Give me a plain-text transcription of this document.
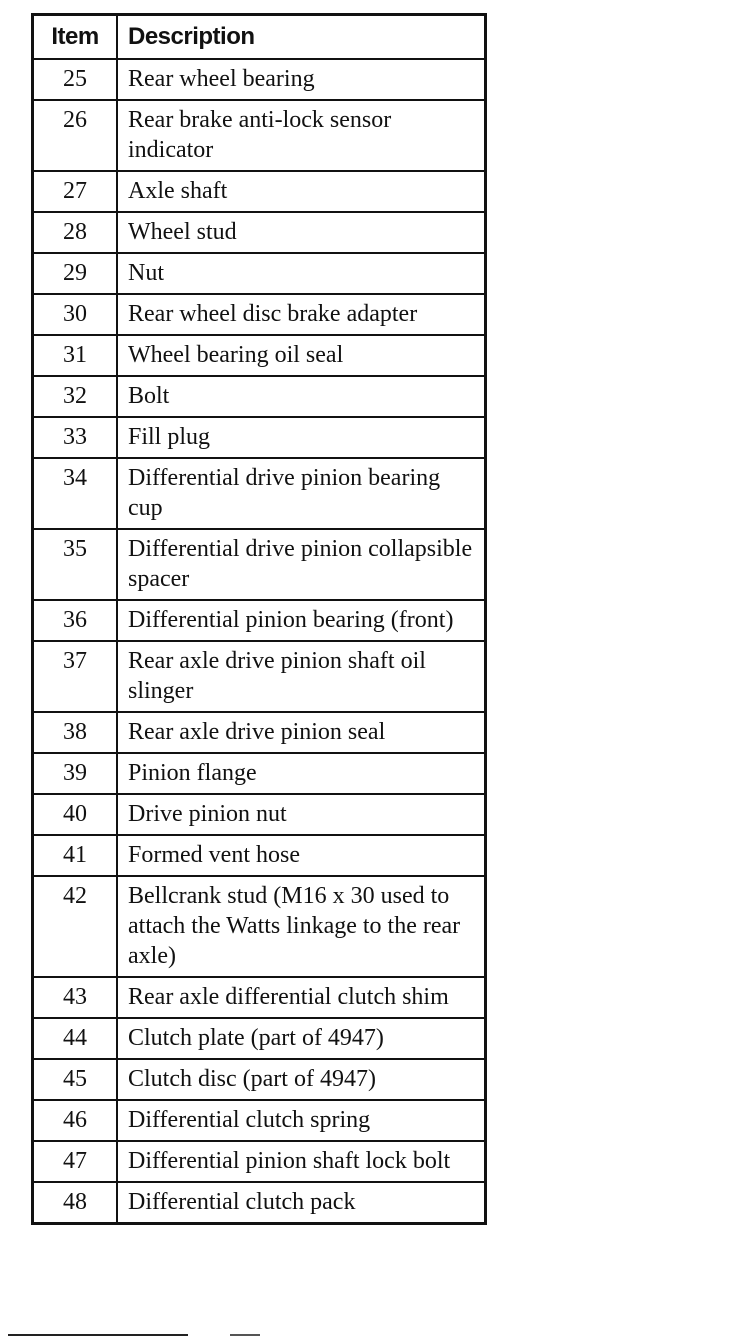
Item	Description
25	Rear wheel bearing
26	Rear brake anti-lock sensor indicator
27	Axle shaft
28	Wheel stud
29	Nut
30	Rear wheel disc brake adapter
31	Wheel bearing oil seal
32	Bolt
33	Fill plug
34	Differential drive pinion bearing cup
35	Differential drive pinion collapsible spacer
36	Differential pinion bearing (front)
37	Rear axle drive pinion shaft oil slinger
38	Rear axle drive pinion seal
39	Pinion flange
40	Drive pinion nut
41	Formed vent hose
42	Bellcrank stud (M16 x 30 used to attach the Watts linkage to the rear axle)
43	Rear axle differential clutch shim
44	Clutch plate (part of 4947)
45	Clutch disc (part of 4947)
46	Differential clutch spring
47	Differential pinion shaft lock bolt
48	Differential clutch pack
